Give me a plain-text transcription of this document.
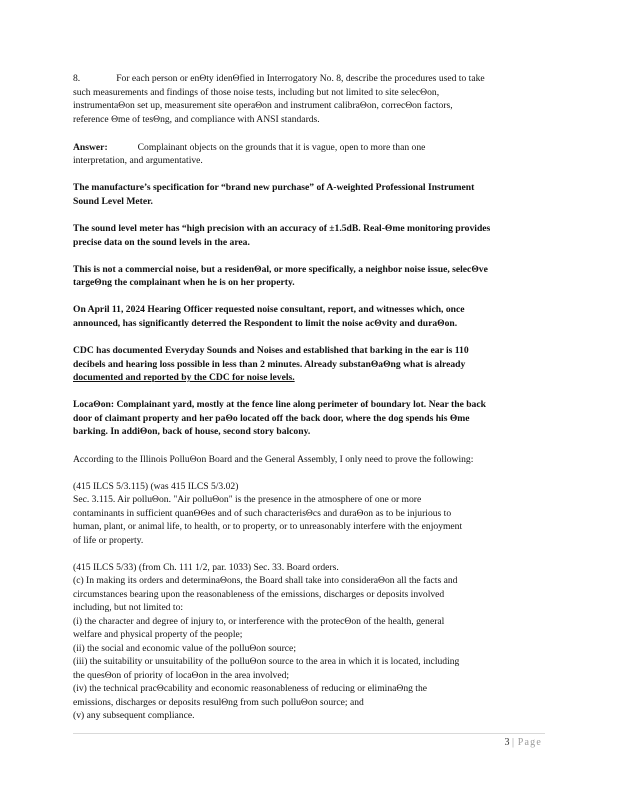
8.	For each person or enΘty idenΘfied in Interrogatory No. 8, describe the procedures used to take
such measurements and findings of those noise tests, including but not limited to site selecΘon,
instrumentaΘon set up, measurement site operaΘon and instrument calibraΘon, correcΘon factors,
reference Θme of tesΘng, and compliance with ANSI standards.
Answer:	Complainant objects on the grounds that it is vague, open to more than one
interpretation, and argumentative.
The manufacture’s specification for “brand new purchase” of A-weighted Professional Instrument
Sound Level Meter.
The sound level meter has “high precision with an accuracy of ±1.5dB. Real-Θme monitoring provides
precise data on the sound levels in the area.
This is not a commercial noise, but a residenΘal, or more specifically, a neighbor noise issue, selecΘve
targeΘng the complainant when he is on her property.
On April 11, 2024 Hearing Officer requested noise consultant, report, and witnesses which, once
announced, has significantly deterred the Respondent to limit the noise acΘvity and duraΘon.
CDC has documented Everyday Sounds and Noises and established that barking in the ear is 110
decibels and hearing loss possible in less than 2 minutes. Already substanΘaΘng what is already
documented and reported by the CDC for noise levels.
LocaΘon: Complainant yard, mostly at the fence line along perimeter of boundary lot. Near the back
door of claimant property and her paΘo located off the back door, where the dog spends his Θme
barking. In addiΘon, back of house, second story balcony.
According to the Illinois PolluΘon Board and the General Assembly, I only need to prove the following:
(415 ILCS 5/3.115) (was 415 ILCS 5/3.02)
Sec. 3.115. Air polluΘon. "Air polluΘon" is the presence in the atmosphere of one or more
contaminants in sufficient quanΘΘes and of such characterisΘcs and duraΘon as to be injurious to
human, plant, or animal life, to health, or to property, or to unreasonably interfere with the enjoyment
of life or property.
(415 ILCS 5/33) (from Ch. 111 1/2, par. 1033) Sec. 33. Board orders.
(c) In making its orders and determinaΘons, the Board shall take into consideraΘon all the facts and
circumstances bearing upon the reasonableness of the emissions, discharges or deposits involved
including, but not limited to:
(i) the character and degree of injury to, or interference with the protecΘon of the health, general
welfare and physical property of the people;
(ii) the social and economic value of the polluΘon source;
(iii) the suitability or unsuitability of the polluΘon source to the area in which it is located, including
the quesΘon of priority of locaΘon in the area involved;
(iv) the technical pracΘcability and economic reasonableness of reducing or eliminaΘng the
emissions, discharges or deposits resulΘng from such polluΘon source; and
(v) any subsequent compliance.
3 | Page
